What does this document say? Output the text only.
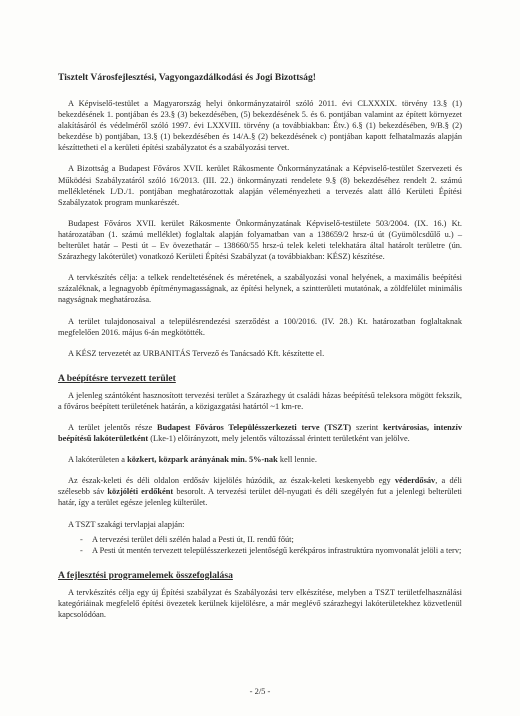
Tisztelt Városfejlesztési, Vagyongazdálkodási és Jogi Bizottság!

A Képviselő-testület a Magyarország helyi önkormányzatairól szóló 2011. évi CLXXXIX. törvény 13.§ (1) bekezdésének 1. pontjában és 23.§ (3) bekezdésében, (5) bekezdésének 5. és 6. pontjában valamint az épített környezet alakításáról és védelméről szóló 1997. évi LXXVIII. törvény (a továbbiakban: Étv.) 6.§ (1) bekezdésében, 9/B.§ (2) bekezdése b) pontjában, 13.§ (1) bekezdésében és 14/A.§ (2) bekezdésének c) pontjában kapott felhatalmazás alapján készíttetheti el a kerületi építési szabályzatot és a szabályozási tervet.

A Bizottság a Budapest Főváros XVII. kerület Rákosmente Önkormányzatának a Képviselő-testület Szervezeti és Működési Szabályzatáról szóló 16/2013. (III. 22.) önkormányzati rendelete 9.§ (8) bekezdéséhez rendelt 2. számú mellékletének I./D./1. pontjában meghatározottak alapján véleményezheti a tervezés alatt álló Kerületi Építési Szabályzatok program munkarészét.

Budapest Főváros XVII. kerület Rákosmente Önkormányzatának Képviselő-testülete 503/2004. (IX. 16.) Kt. határozatában (1. számú melléklet) foglaltak alapján folyamatban van a 138659/2 hrsz-ú út (Gyümölcsdűlő u.) – belterület határ – Pesti út – Ev övezethatár – 138660/55 hrsz-ú telek keleti telekhatára által határolt területre (ún. Szárazhegy lakóterület) vonatkozó Kerületi Építési Szabályzat (a továbbiakban: KÉSZ) készítése.

A tervkészítés célja: a telkek rendeltetésének és méretének, a szabályozási vonal helyének, a maximális beépítési százaléknak, a legnagyobb építménymagasságnak, az építési helynek, a szintterületi mutatónak, a zöldfelület minimális nagyságnak meghatározása.

A terület tulajdonosaival a településrendezési szerződést a 100/2016. (IV. 28.) Kt. határozatban foglaltaknak megfelelően 2016. május 6-án megkötötték.

A KÉSZ tervezetét az URBANITÁS Tervező és Tanácsadó Kft. készítette el.

A beépítésre tervezett terület

A jelenleg szántóként hasznosított tervezési terület a Szárazhegy út családi házas beépítésű teleksora mögött fekszik, a főváros beépített területének határán, a közigazgatási határtól ~1 km-re.

A terület jelentős része Budapest Főváros Településszerkezeti terve (TSZT) szerint kertvárosias, intenzív beépítésű lakóterületként (Lke-1) előirányzott, mely jelentős változással érintett területként van jelölve.

A lakóterületen a közkert, közpark arányának min. 5%-nak kell lennie.

Az észak-keleti és déli oldalon erdősáv kijelölés húzódik, az észak-keleti keskenyebb egy véderdősáv, a déli szélesebb sáv közjóléti erdőként besorolt. A tervezési terület dél-nyugati és déli szegélyén fut a jelenlegi belterületi határ, így a terület egésze jelenleg külterület.

A TSZT szakági tervlapjai alapján:

- A tervezési terület déli szélén halad a Pesti út, II. rendű főút;
- A Pesti út mentén tervezett településszerkezeti jelentőségű kerékpáros infrastruktúra nyomvonalát jelöli a terv;
A fejlesztési programelemek összefoglalása

A tervkészítés célja egy új Építési szabályzat és Szabályozási terv elkészítése, melyben a TSZT területfelhasználási kategóriáinak megfelelő építési övezetek kerülnek kijelölésre, a már meglévő szárazhegyi lakóterületekhez közvetlenül kapcsolódóan.

- 2/5 -
